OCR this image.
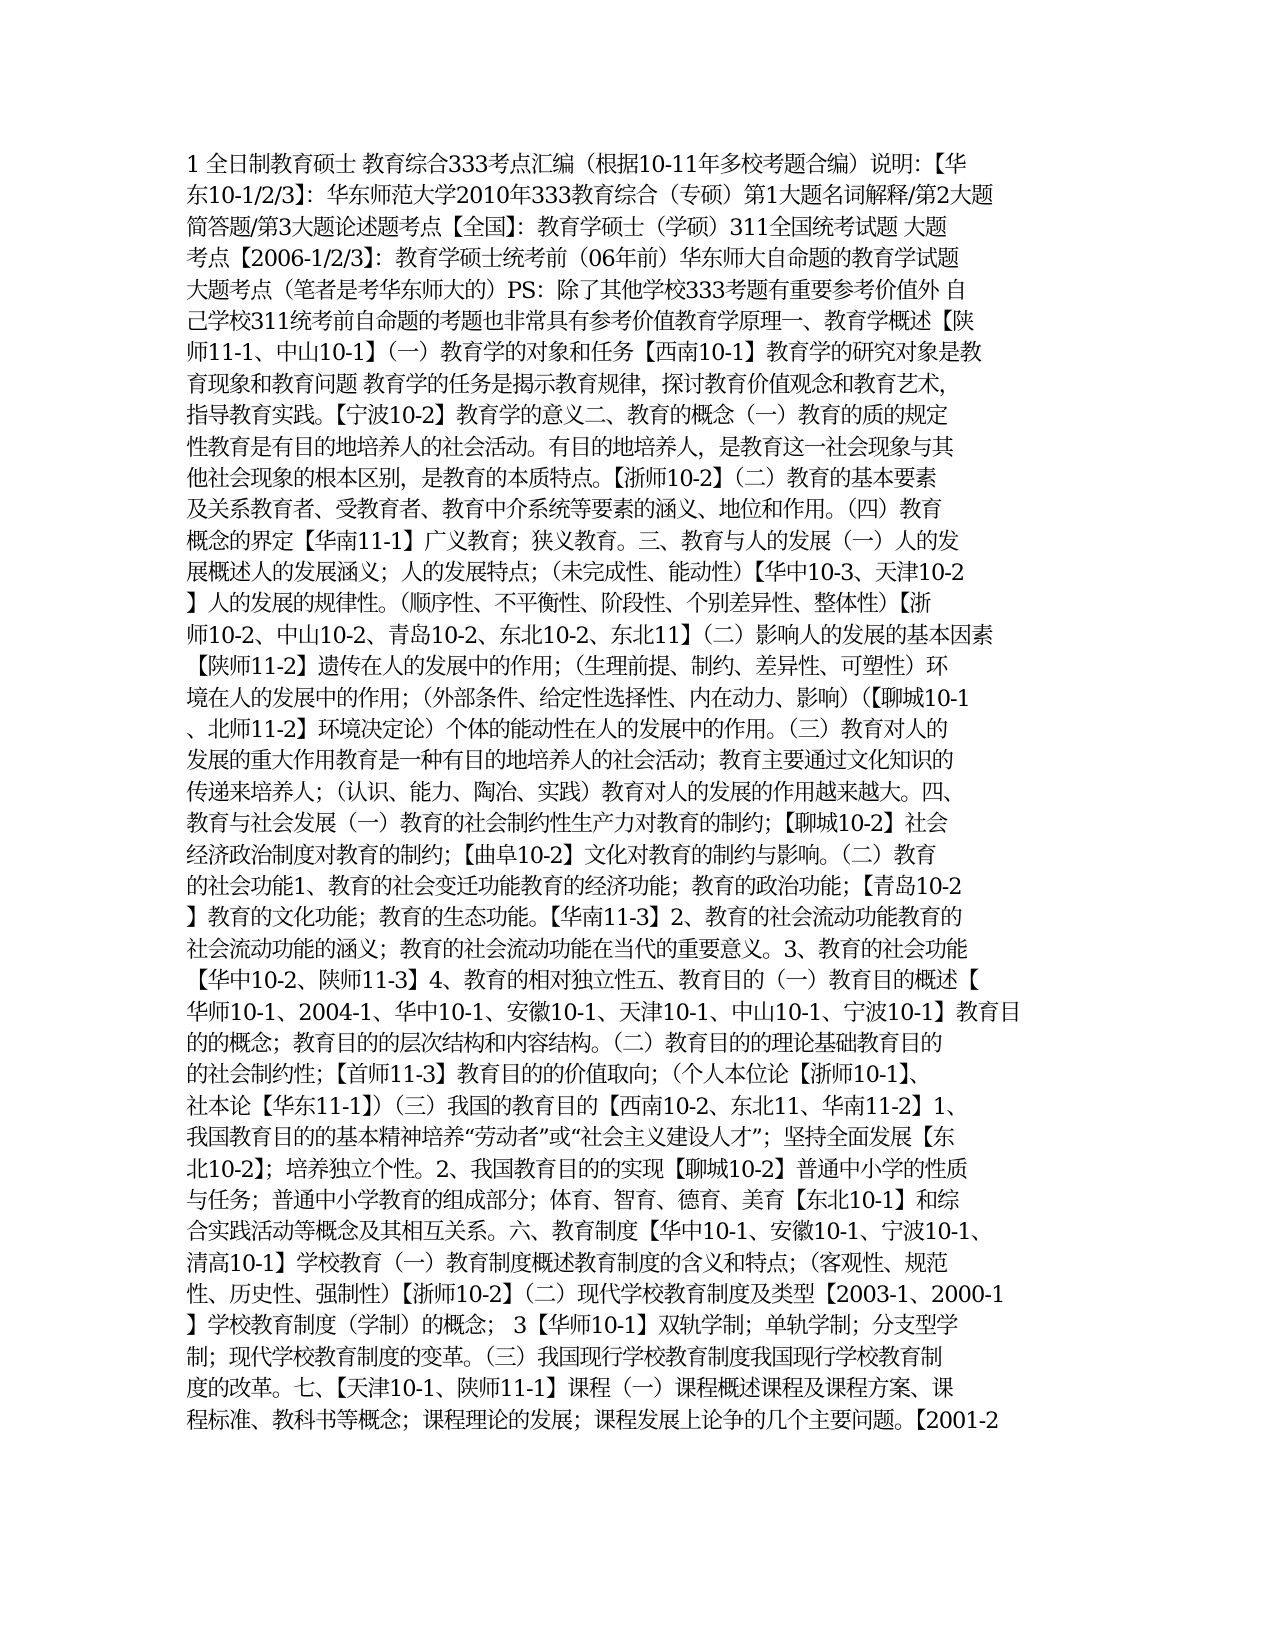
1 全日制教育硕士 教育综合333考点汇编（根据10-11年多校考题合编）说明：【华
东10-1/2/3】：华东师范大学2010年333教育综合（专硕）第1大题名词解释/第2大题
简答题/第3大题论述题考点【全国】：教育学硕士（学硕）311全国统考试题 大题
考点【2006-1/2/3】：教育学硕士统考前（06年前）华东师大自命题的教育学试题
大题考点（笔者是考华东师大的）PS：除了其他学校333考题有重要参考价值外 自
己学校311统考前自命题的考题也非常具有参考价值教育学原理一、教育学概述【陕
师11-1、中山10-1】（一）教育学的对象和任务【西南10-1】教育学的研究对象是教
育现象和教育问题 教育学的任务是揭示教育规律，探讨教育价值观念和教育艺术，
指导教育实践。【宁波10-2】教育学的意义二、教育的概念（一）教育的质的规定
性教育是有目的地培养人的社会活动。有目的地培养人，是教育这一社会现象与其
他社会现象的根本区别，是教育的本质特点。【浙师10-2】（二）教育的基本要素
及关系教育者、受教育者、教育中介系统等要素的涵义、地位和作用。（四）教育
概念的界定【华南11-1】广义教育；狭义教育。三、教育与人的发展（一）人的发
展概述人的发展涵义；人的发展特点；（未完成性、能动性）【华中10-3、天津10-2
】人的发展的规律性。（顺序性、不平衡性、阶段性、个别差异性、整体性）【浙
师10-2、中山10-2、青岛10-2、东北10-2、东北11】（二）影响人的发展的基本因素
【陕师11-2】遗传在人的发展中的作用；（生理前提、制约、差异性、可塑性）环
境在人的发展中的作用；（外部条件、给定性选择性、内在动力、影响）（【聊城10-1
、北师11-2】环境决定论）个体的能动性在人的发展中的作用。（三）教育对人的
发展的重大作用教育是一种有目的地培养人的社会活动；教育主要通过文化知识的
传递来培养人；（认识、能力、陶冶、实践）教育对人的发展的作用越来越大。四、
教育与社会发展（一）教育的社会制约性生产力对教育的制约；【聊城10-2】社会
经济政治制度对教育的制约；【曲阜10-2】文化对教育的制约与影响。（二）教育
的社会功能1、教育的社会变迁功能教育的经济功能；教育的政治功能；【青岛10-2
】教育的文化功能；教育的生态功能。【华南11-3】2、教育的社会流动功能教育的
社会流动功能的涵义；教育的社会流动功能在当代的重要意义。3、教育的社会功能
【华中10-2、陕师11-3】4、教育的相对独立性五、教育目的（一）教育目的概述【
华师10-1、2004-1、华中10-1、安徽10-1、天津10-1、中山10-1、宁波10-1】教育目
的的概念；教育目的的层次结构和内容结构。（二）教育目的的理论基础教育目的
的社会制约性；【首师11-3】教育目的的价值取向；（个人本位论【浙师10-1】、
社本论【华东11-1】）（三）我国的教育目的【西南10-2、东北11、华南11-2】1、
我国教育目的的基本精神培养“劳动者”或“社会主义建设人才”；坚持全面发展【东
北10-2】；培养独立个性。2、我国教育目的的实现【聊城10-2】普通中小学的性质
与任务；普通中小学教育的组成部分；体育、智育、德育、美育【东北10-1】和综
合实践活动等概念及其相互关系。六、教育制度【华中10-1、安徽10-1、宁波10-1、
清高10-1】学校教育（一）教育制度概述教育制度的含义和特点；（客观性、规范
性、历史性、强制性）【浙师10-2】（二）现代学校教育制度及类型【2003-1、2000-1
】学校教育制度（学制）的概念； 3【华师10-1】双轨学制；单轨学制；分支型学
制；现代学校教育制度的变革。（三）我国现行学校教育制度我国现行学校教育制
度的改革。七、【天津10-1、陕师11-1】课程（一）课程概述课程及课程方案、课
程标准、教科书等概念；课程理论的发展；课程发展上论争的几个主要问题。【2001-2
